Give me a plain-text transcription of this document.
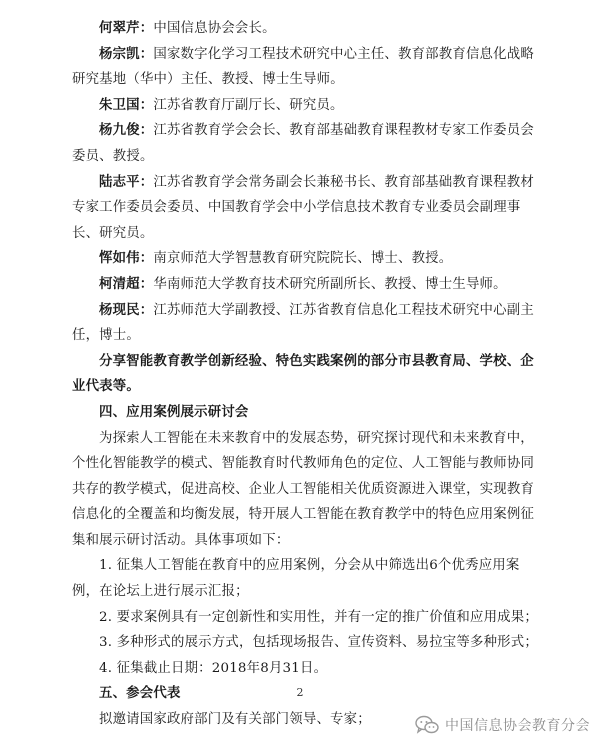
何翠芹：中国信息协会会长。

杨宗凯：国家数字化学习工程技术研究中心主任、教育部教育信息化战略研究基地（华中）主任、教授、博士生导师。

朱卫国：江苏省教育厅副厅长、研究员。

杨九俊：江苏省教育学会会长、教育部基础教育课程教材专家工作委员会委员、教授。

陆志平：江苏省教育学会常务副会长兼秘书长、教育部基础教育课程教材专家工作委员会委员、中国教育学会中小学信息技术教育专业委员会副理事长、研究员。

恽如伟：南京师范大学智慧教育研究院院长、博士、教授。

柯清超：华南师范大学教育技术研究所副所长、教授、博士生导师。

杨现民：江苏师范大学副教授、江苏省教育信息化工程技术研究中心副主任，博士。

分享智能教育教学创新经验、特色实践案例的部分市县教育局、学校、企业代表等。

四、应用案例展示研讨会

为探索人工智能在未来教育中的发展态势，研究探讨现代和未来教育中，个性化智能教学的模式、智能教育时代教师角色的定位、人工智能与教师协同共存的教学模式，促进高校、企业人工智能相关优质资源进入课堂，实现教育信息化的全覆盖和均衡发展，特开展人工智能在教育教学中的特色应用案例征集和展示研讨活动。具体事项如下：

1. 征集人工智能在教育中的应用案例，分会从中筛选出6个优秀应用案例，在论坛上进行展示汇报；

2. 要求案例具有一定创新性和实用性，并有一定的推广价值和应用成果；

3. 多种形式的展示方式，包括现场报告、宣传资料、易拉宝等多种形式；

4. 征集截止日期：2018年8月31日。

五、参会代表

拟邀请国家政府部门及有关部门领导、专家；

2
中国信息协会教育分会
